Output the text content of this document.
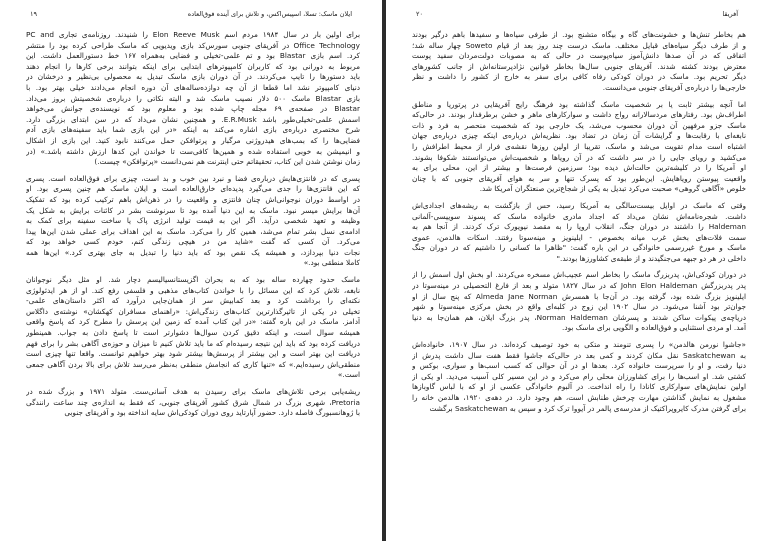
۱۹	ایلان ماسک: تسلا، اسپیس‌اکس، و تلاش برای آینده فوق‌العاده
برای اولین بار در سال ۱۹۸۴ مردم اسم Elon Reeve Musk را شنیدند. روزنامه‌ی تجاری PC and
Office Technology در آفریقای جنوبی سورس‌کد بازی ویدیویی که ماسک طراحی کرده بود را منتشر
کرد. اسم بازی Blastar بود و تم علمی-تخیلی و فضایی به‌همراه ۱۶۷ خط دستورالعمل داشت. این
مربوط به دورانی بود که کاربران کامپیوترهای ابتدایی برای اینکه بتوانند برخی کارها را انجام دهند
باید دستورها را تایپ می‌کردند. در آن دوران بازی ماسک تبدیل به محصولی بی‌نظیر و درخشان در
دنیای کامپیوتر نشد اما قطعا از آن چه دوازده‌ساله‌های آن دوره انجام می‌دادند خیلی بهتر بود. با
بازی Blastar ماسک ۵۰۰ دلار نصیب ماسک شد و البته نکاتی را درباره‌ی شخصیتش بروز می‌داد.
Blastar در صفحه‌ی ۶۹ مجله چاپ شده بود و معلوم بود که نویسنده‌ی جوانش می‌خواهد
اسمش علمی-تخیلی‌طور باشد E.R.Musk. و همچنین نشان می‌داد که در سن ابتدای بزرگی دارد.
شرح مختصری درباره‌ی بازی اشاره می‌کند به اینکه «در این بازی شما باید سفینه‌های بازی آدم
فضایی‌ها را که بمب‌های هیدروژنی مرگبار و پرتوافکن حمل می‌کنند نابود کنید. این بازی از اشکال
و انیمیشن به خوبی استفاده شده و همین‌ها کافی‌ست تا خواندن این کدها ارزش داشته باشد.» (در
زمان نوشتن شدن این کتاب، تحقیقاتم حتی اینترنت هم نمی‌دانست «پرتوافکن» چیست.)
پسری که در فانتزی‌هایش درباره‌ی فضا و نبرد بین خوب و بد است، چیزی برای فوق‌العاده است. پسری
که این فانتزی‌ها را جدی می‌گیرد پدیده‌ای خارق‌العاده است و ایلان ماسک هم چنین پسری بود. او
در اواسط دوران نوجوانی‌اش چنان فانتزی و واقعیت را در ذهن‌اش باهم ترکیب کرده بود که تفکیک
آن‌ها برایش میسر نبود. ماسک به این دنیا آمده بود تا سرنوشت بشر در کائنات برایش به شکل یک
وظیفه و تعهد شخصی درآید. اگر این به قیمت تولید انرژی پاک یا ساخت سفینه برای کمک به
ادامه‌ی نسل بشر تمام می‌شد، همین کار را می‌کرد. ماسک به این اهداف برای عملی شدن این‌ها پیدا
می‌کرد. آن کسی که گفت «شاید من در هیچی زندگی کنم، خودم کسی خواهد بود که
نجات دنیا بپردازد، و همیشه یک نقص بود که باید دنیا را تبدیل به جای بهتری کرد.» این‌ها همه
کاملا منطقی بود.»
ماسک حدود چهارده ساله بود که به بحران اگزیستانسیالیسم دچار شد. او مثل دیگر نوجوانان
نابغه، تلاش کرد که این مسائل را با خواندن کتاب‌های مذهبی و فلسفی رفع کند. او از هر ایدئولوژی
نکته‌ای را برداشت کرد و بعد کمابیش سر از همان‌جایی درآورد که اکثر داستان‌های علمی-
تخیلی در یکی از تاثیرگذارترین کتاب‌های زندگی‌اش: «راهنمای مسافران کهکشان» نوشته‌ی داگلاس
آدامز. ماسک در این باره گفته: «در این کتاب آمده که زمین این پرسش را مطرح کرد که پاسخ واقعی
همیشه سوال است، و اینکه دقیق کردن سوال‌ها دشوارتر است تا پاسخ دادن به جواب. همینطور
دریافت کرده بود که باید این نتیجه رسیده‌ام که ما باید تلاش کنیم تا میزان و حوزه‌ی آگاهی بشر را برای فهم
دریافت این بهتر است و این بیشتر از پرسش‌ها بیشتر شود بهتر خواهیم توانست. واقعا تنها چیزی است
منطقی‌اش رسیده‌ایم.» که «تنها کاری که انجامش منطقی به‌نظر می‌رسد تلاش برای بالا بردن آگاهی جمعی
است.»
ریشه‌یابی برخی تلاش‌های ماسک برای رسیدن به هدف آسانی‌ست. متولد ۱۹۷۱ و بزرگ شده در
Pretoria، شهری بزرگ در شمال شرق کشور آفریقای جنوبی، که فقط به اندازه‌ی چند ساعت رانندگی
با ژوهانسبورگ فاصله دارد. حضور آپارتاید روی دوران کودکی‌اش سایه انداخته بود و آفریقای جنوبی
۲۰	آفریقا
هم بخاطر تنش‌ها و خشونت‌های گاه و بیگاه متشنج بود. از طرفی سیاه‌ها و سفیدها باهم درگیر بودند
و از طرف دیگر سیاه‌های قبایل مختلف. ماسک درست چند روز بعد از قیام Soweto چهار ساله شد؛
اتفاقی که در آن صدها دانش‌آموز سیاه‌پوست در حالی که به مصوبات دولت‌مردان سفید پوست
معترض بودند کشته شدند. آفریقای جنوبی سال‌ها بخاطر قوانین نژادپرستانه‌اش از جانب کشورهای
دیگر تحریم بود. ماسک در دوران کودکی رفاه کافی برای سفر به خارج از کشور را داشت و نظر
خارجی‌ها را درباره‌ی آفریقای جنوبی می‌دانست.
اما آنچه بیشتر ثابت یا بر شخصیت ماسک گذاشته بود فرهنگ رایج آفریقایی در پرتوریا و مناطق
اطراف‌ش بود. رفتارهای مردسالارانه رواج داشت و سوارکارهای ماهر و خشن برطرفدار بودند. در حالی‌که
ماسک جزو مرفهین آن دوران محسوب می‌شد، یک خارجی بود که شخصیت منحصر به فرد و ذات
نابغه‌ای با رقابت‌ها و گرایشات آن زمان در تضاد بود. نظریه‌اش درباره‌ی اینکه چیزی درباره‌ی جهان
اشتباه است مدام تقویت می‌شد و ماسک، تقریبا از اولین روزها نقشه‌ی فرار از محیط اطرافش را
می‌کشید و رویای جایی را در سر داشت که در آن رویاها و شخصیت‌اش می‌توانستند شکوفا بشوند.
او آمریکا را در کلیشه‌ترین حالت‌اش دیده بود؛ سرزمین فرصت‌ها و بیشتر از این، محلی برای به
واقعیت پیوستن رویاهایش. این‌طور بود که پسرک تنها و سر به هوای آفریقای جنوبی که با چنان
خلوص «آگاهی گروهی» صحبت می‌کرد تبدیل به یکی از شجاع‌ترین صنعتگران آمریکا شد.
وقتی که ماسک در اوایل بیست‌سالگی به آمریکا رسید، حس از بازگشت به ریشه‌های اجدادی‌اش
داشت. شجره‌نامه‌اش نشان می‌داد که اجداد مادری خانواده ماسک که پسوند سوییسی-آلمانی
Haldeman را داشتند در دوران جنگ، انقلاب اروپا را به مقصد نیویورک ترک کردند. از آنجا هم به
سمت فلات‌های بخش غرب میانه بخصوص - ایلینویز و مینه‌سوتا رفتند. اسکات هالدمن، عموی
ماسک و مورخ غیررسمی خانوادگی در این باره گفت: "ظاهرا ما کسانی را داشتیم که در دوران جنگ
داخلی در هر دو جبهه می‌جنگیدند و از طبقه‌ی کشاورزها بودند."
در دوران کودکی‌اش، پدربزرگ ماسک را بخاطر اسم عجیب‌اش مسخره می‌کردند. او بخش اول اسمش را از
پدر پدربزرگش John Elon Haldeman که در سال ۱۸۲۷ متولد و بعد از فارغ التحصیلی در مینه‌سوتا در
ایلینویز بزرگ شده بود، گرفته بود. در آن‌جا با همسرش Almeda Jane Norman که پنج سال از او
جوان‌تر بود آشنا می‌شود. در سال ۱۹۰۲ این زوج در کلبه‌ای واقع در بخش مرکزی مینه‌سوتا و شهر
دریاچه‌ی پیکوات ساکن شدند و پسرشان Norman Haldeman، پدر بزرگ ایلان، هم همان‌جا به دنیا
آمد. او مردی استثنایی و فوق‌العاده و الگویی برای ماسک بود.
«جاشوا نورمن هالدمن» را پسری تنومند و متکی به خود توصیف کرده‌اند. در سال ۱۹۰۷، خانواده‌اش
به Saskatchewan نقل مکان کردند و کمی بعد در حالی‌که جاشوا فقط هفت سال داشت پدرش از
دنیا رفت، و او را سرپرست خانواده کرد. بعدها او در آن حوالی که کسب اسب‌ها و سواری، بوکس و
کشتی شد. او اسب‌ها را برای کشاورزان محلی رام می‌کرد و در این مسیر کلی آسیب می‌دید. او یکی از
اولین نمایش‌های سوارکاری کانادا را راه انداخت. در آلبوم خانوادگی عکسی از او که با لباس گاوبازها
مشغول به نمایش گذاشتن مهارت چرخش طنابش است، هم وجود دارد. در دهه‌ی ۱۹۲۰، هالدمن خانه را
برای گرفتن مدرک کایروپراکتیک از مدرسه‌ی پالمر در آیووا ترک کرد و سپس به Saskatchewan برگشت
